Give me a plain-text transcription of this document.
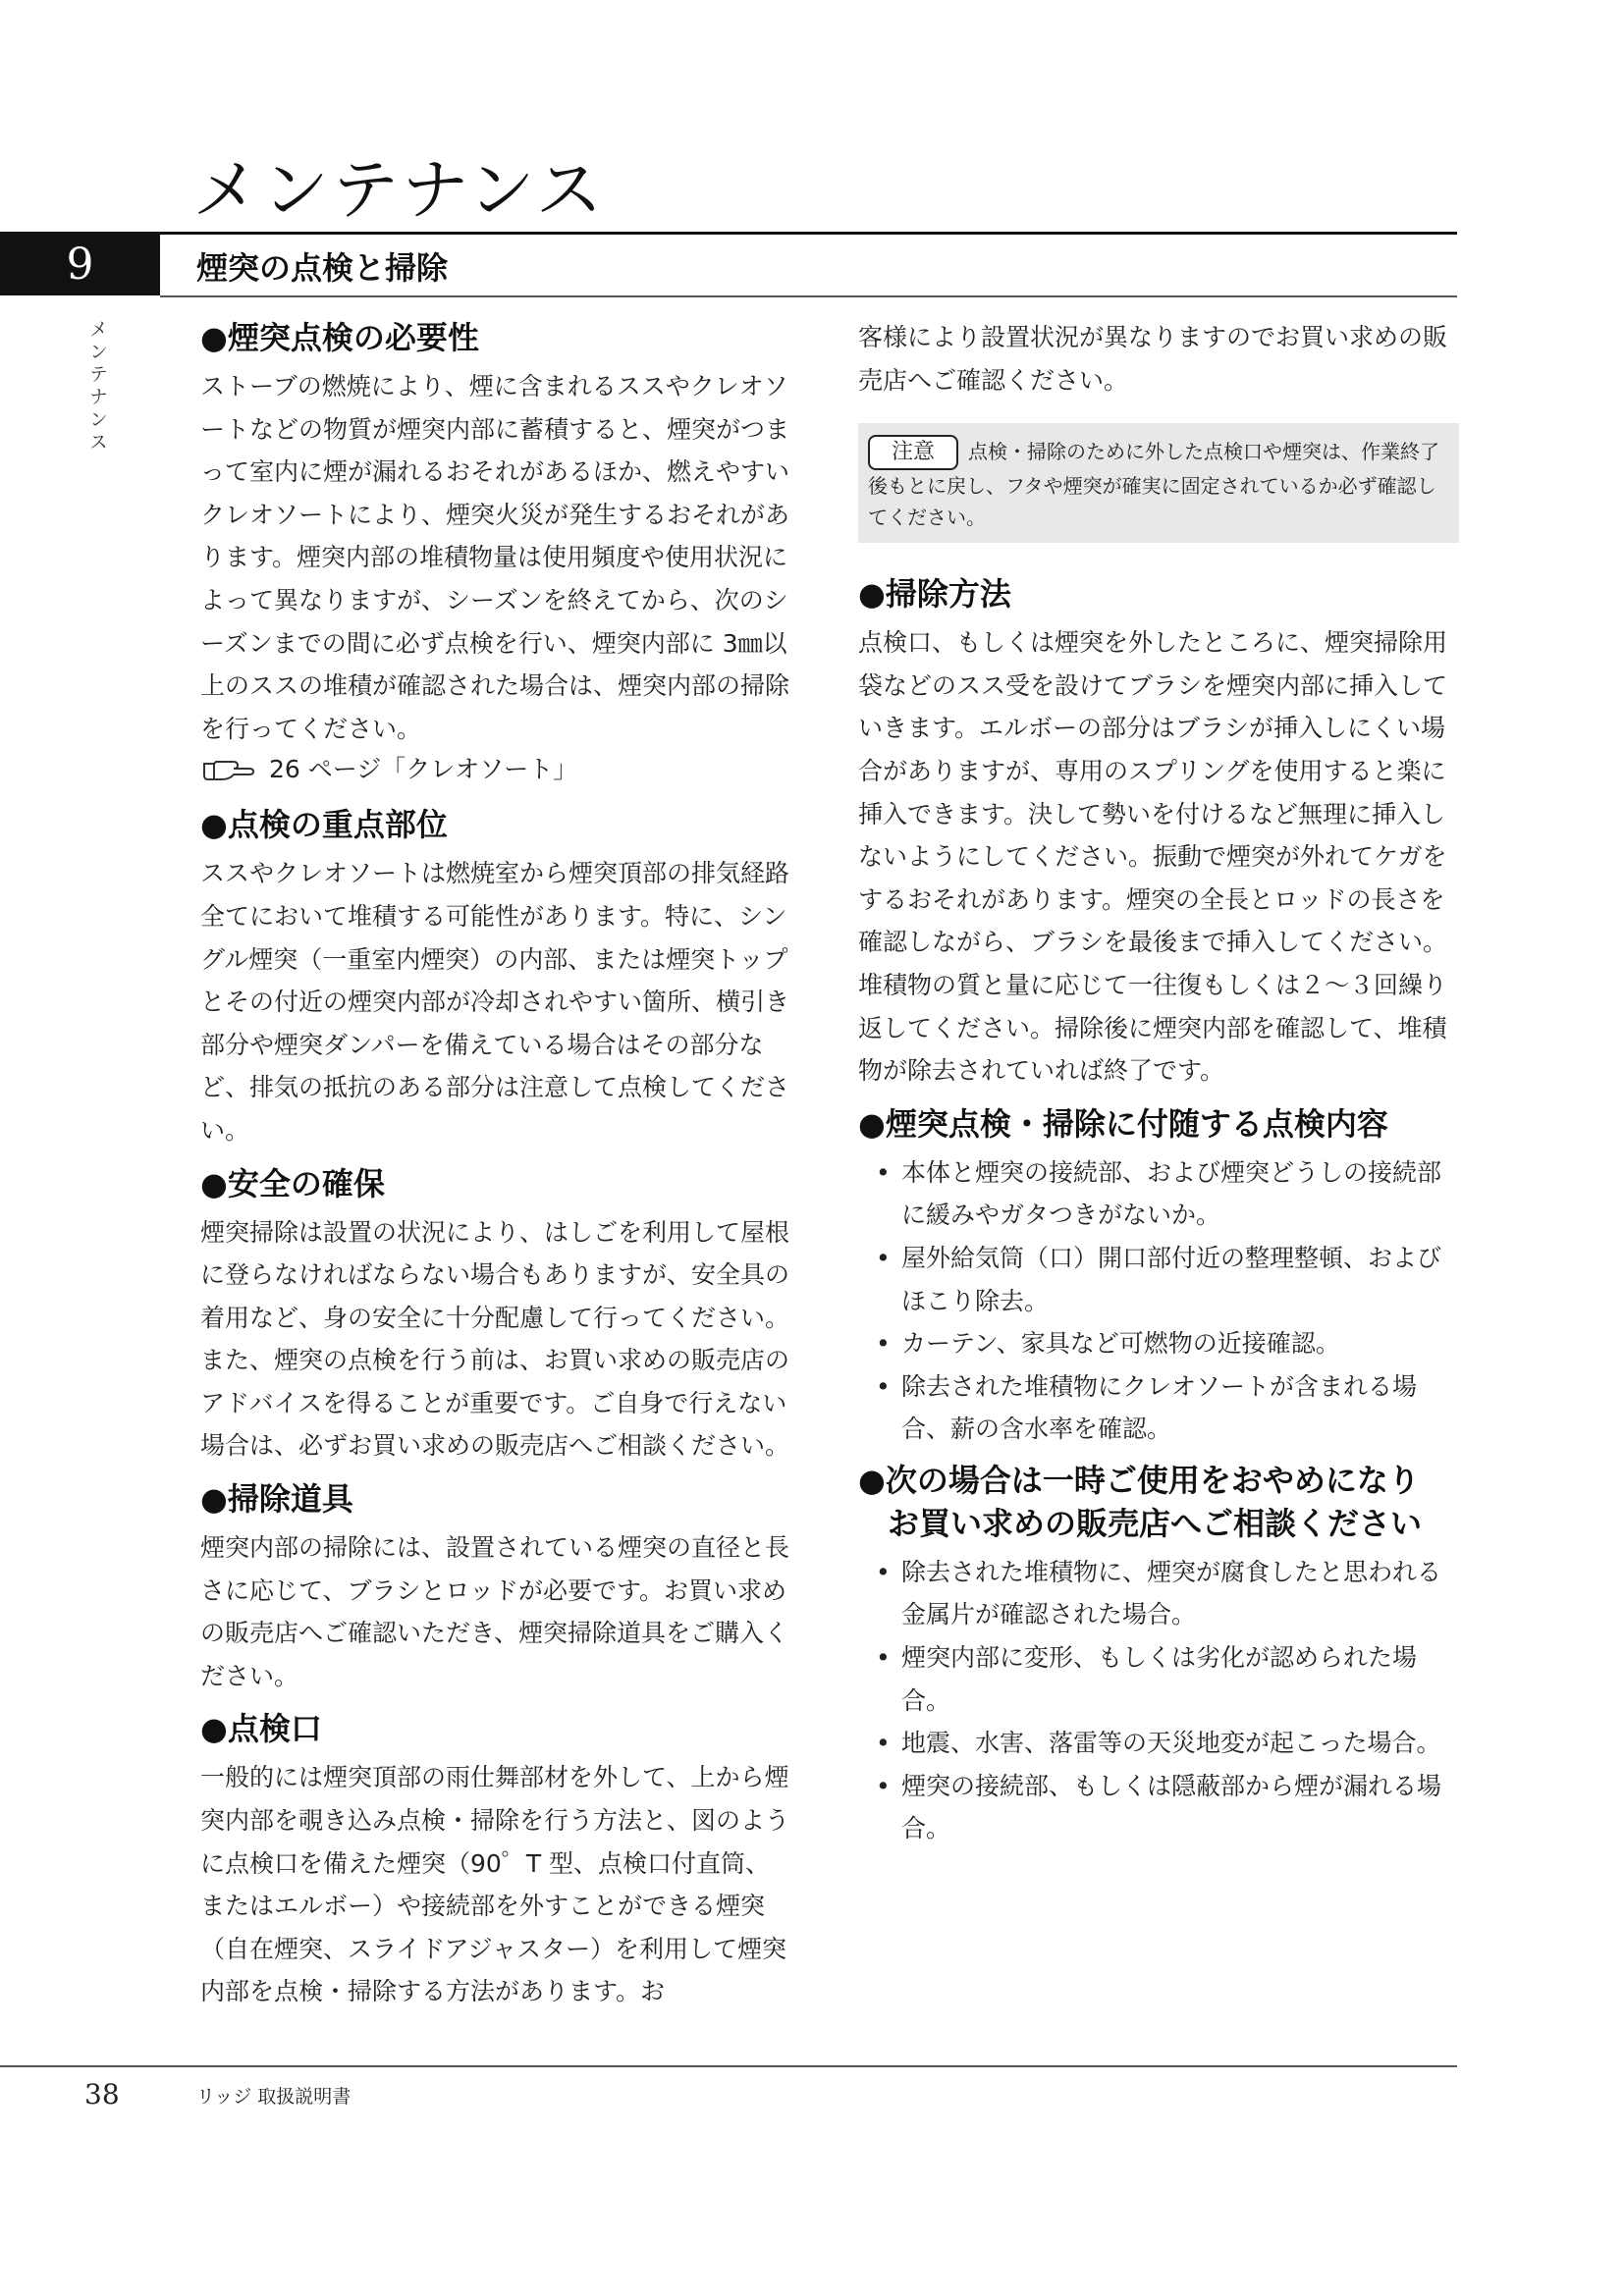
メンテナンス
9	煙突の点検と掃除
メンテナンス	●煙突点検の必要性

ストーブの燃焼により、煙に含まれるススやクレオソートなどの物質が煙突内部に蓄積すると、煙突がつまって室内に煙が漏れるおそれがあるほか、燃えやすいクレオソートにより、煙突火災が発生するおそれがあります。煙突内部の堆積物量は使用頻度や使用状況によって異なりますが、シーズンを終えてから、次のシーズンまでの間に必ず点検を行い、煙突内部に 3㎜以上のススの堆積が確認された場合は、煙突内部の掃除を行ってください。

26 ページ「クレオソート」
●点検の重点部位

ススやクレオソートは燃焼室から煙突頂部の排気経路全てにおいて堆積する可能性があります。特に、シングル煙突（一重室内煙突）の内部、または煙突トップとその付近の煙突内部が冷却されやすい箇所、横引き部分や煙突ダンパーを備えている場合はその部分など、排気の抵抗のある部分は注意して点検してください。

●安全の確保

煙突掃除は設置の状況により、はしごを利用して屋根に登らなければならない場合もありますが、安全具の着用など、身の安全に十分配慮して行ってください。また、煙突の点検を行う前は、お買い求めの販売店のアドバイスを得ることが重要です。ご自身で行えない場合は、必ずお買い求めの販売店へご相談ください。

●掃除道具

煙突内部の掃除には、設置されている煙突の直径と長さに応じて、ブラシとロッドが必要です。お買い求めの販売店へご確認いただき、煙突掃除道具をご購入ください。

●点検口

一般的には煙突頂部の雨仕舞部材を外して、上から煙突内部を覗き込み点検・掃除を行う方法と、図のように点検口を備えた煙突（90゜T 型、点検口付直筒、またはエルボー）や接続部を外すことができる煙突（自在煙突、スライドアジャスター）を利用して煙突内部を点検・掃除する方法があります。お

客様により設置状況が異なりますのでお買い求めの販売店へご確認ください。

注意 点検・掃除のために外した点検口や煙突は、作業終了後もとに戻し、フタや煙突が確実に固定されているか必ず確認してください。
●掃除方法

点検口、もしくは煙突を外したところに、煙突掃除用袋などのスス受を設けてブラシを煙突内部に挿入していきます。エルボーの部分はブラシが挿入しにくい場合がありますが、専用のスプリングを使用すると楽に挿入できます。決して勢いを付けるなど無理に挿入しないようにしてください。振動で煙突が外れてケガをするおそれがあります。煙突の全長とロッドの長さを確認しながら、ブラシを最後まで挿入してください。堆積物の質と量に応じて一往復もしくは２～３回繰り返してください。掃除後に煙突内部を確認して、堆積物が除去されていれば終了です。

●煙突点検・掃除に付随する点検内容
• 本体と煙突の接続部、および煙突どうしの接続部に緩みやガタつきがないか。
• 屋外給気筒（口）開口部付近の整理整頓、およびほこり除去。
• カーテン、家具など可燃物の近接確認。
• 除去された堆積物にクレオソートが含まれる場合、薪の含水率を確認。
●次の場合は一時ご使用をおやめになり
お買い求めの販売店へご相談ください
• 除去された堆積物に、煙突が腐食したと思われる金属片が確認された場合。
• 煙突内部に変形、もしくは劣化が認められた場合。
• 地震、水害、落雷等の天災地変が起こった場合。
• 煙突の接続部、もしくは隠蔽部から煙が漏れる場合。
38	リッジ 取扱説明書
